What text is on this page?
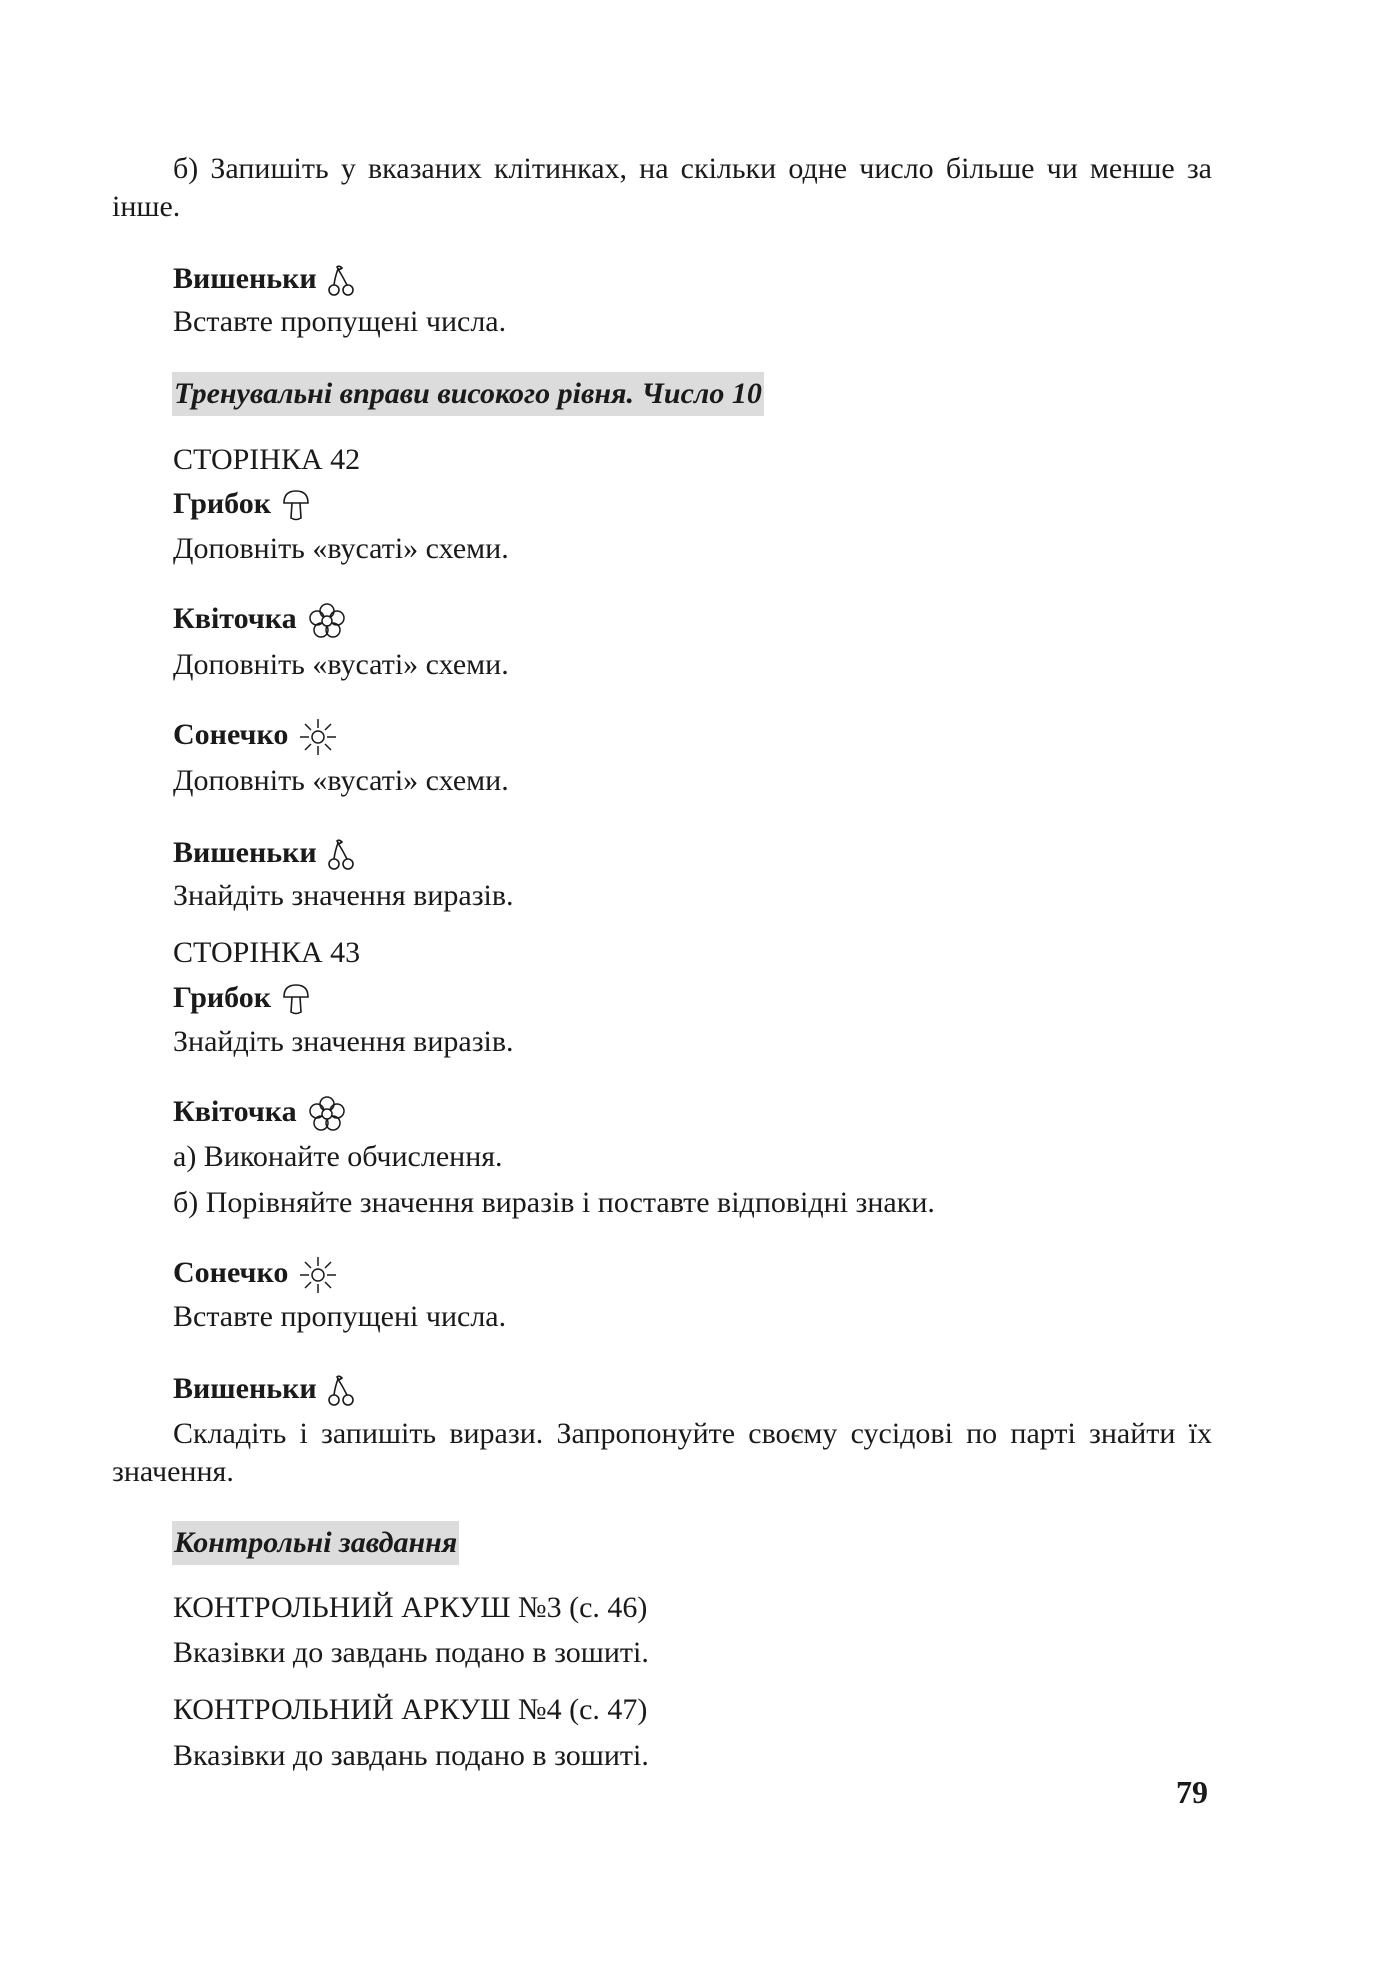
б) Запишіть у вказаних клітинках, на скільки одне число більше чи менше за інше.
Вишеньки
Вставте пропущені числа.
Тренувальні вправи високого рівня. Число 10
СТОРІНКА 42
Грибок
Доповніть «вусаті» схеми.
Квіточка
Доповніть «вусаті» схеми.
Сонечко
Доповніть «вусаті» схеми.
Вишеньки
Знайдіть значення виразів.
СТОРІНКА 43
Грибок
Знайдіть значення виразів.
Квіточка
а) Виконайте обчислення.
б) Порівняйте значення виразів і поставте відповідні знаки.
Сонечко
Вставте пропущені числа.
Вишеньки
Складіть і запишіть вирази. Запропонуйте своєму сусідові по парті знайти їх значення.
Контрольні завдання
КОНТРОЛЬНИЙ АРКУШ №3 (с. 46)
Вказівки до завдань подано в зошиті.
КОНТРОЛЬНИЙ АРКУШ №4 (с. 47)
Вказівки до завдань подано в зошиті.
79
